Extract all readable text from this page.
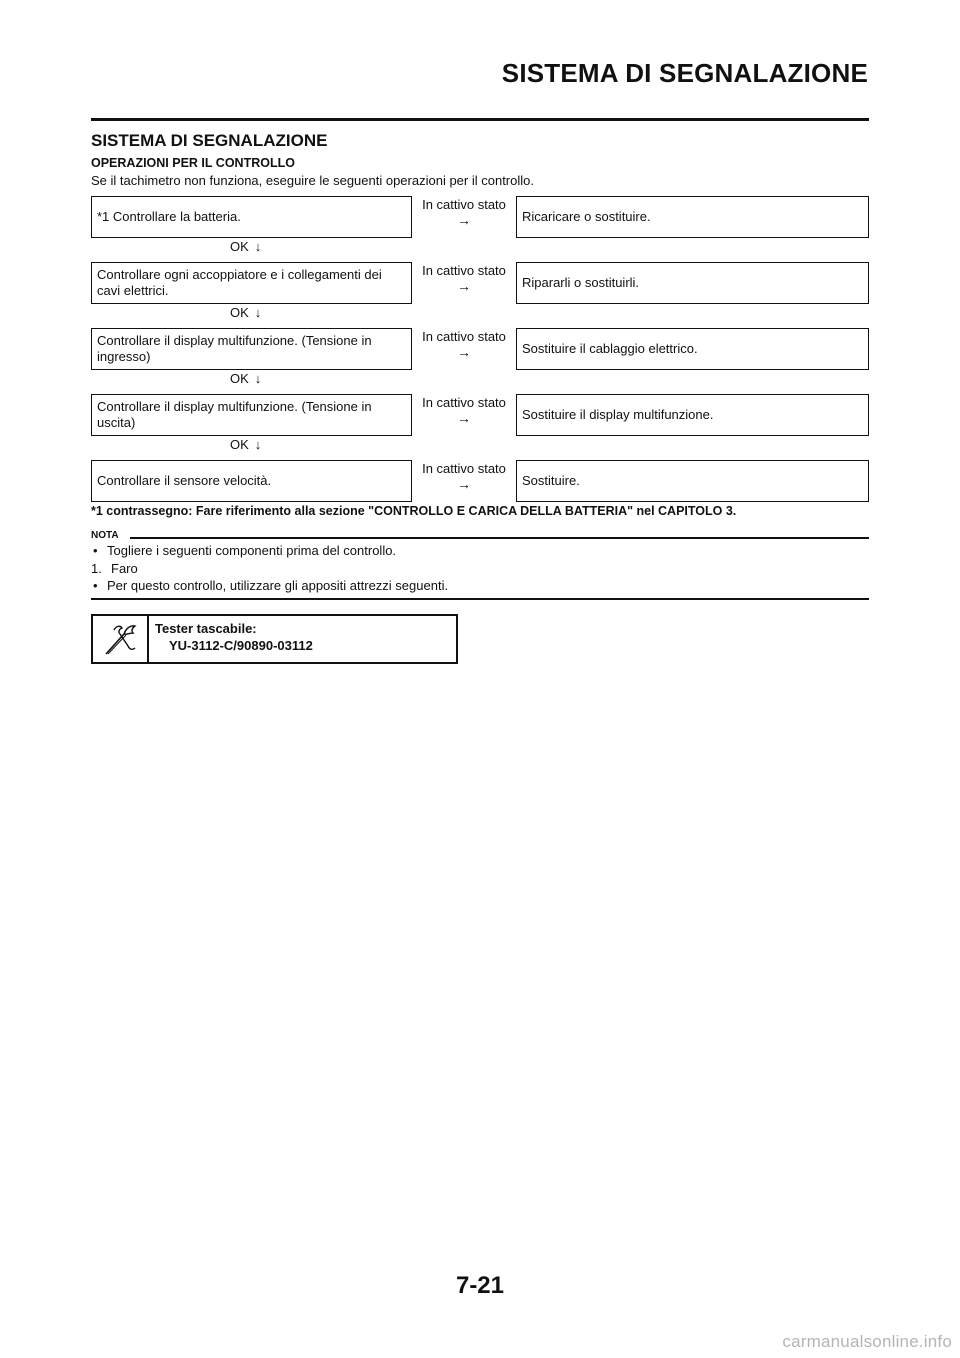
SISTEMA DI SEGNALAZIONE
SISTEMA DI SEGNALAZIONE
OPERAZIONI PER IL CONTROLLO
Se il tachimetro non funziona, eseguire le seguenti operazioni per il controllo.
*1 Controllare la batteria.
In cattivo stato
→	Ricaricare o sostituire.
OK ↓
Controllare ogni accoppiatore e i collegamenti dei cavi elettrici.
In cattivo stato
→	Ripararli o sostituirli.
OK ↓
Controllare il display multifunzione. (Tensione in ingresso)
In cattivo stato
→	Sostituire il cablaggio elettrico.
OK ↓
Controllare il display multifunzione. (Tensione in uscita)
In cattivo stato
→	Sostituire il display multifunzione.
OK ↓
Controllare il sensore velocità.
In cattivo stato
→	Sostituire.
*1 contrassegno: Fare riferimento alla sezione "CONTROLLO E CARICA DELLA BATTERIA" nel CAPITOLO 3.
NOTA
• Togliere i seguenti componenti prima del controllo.
1. Faro
• Per questo controllo, utilizzare gli appositi attrezzi seguenti.
Tester tascabile:
YU-3112-C/90890-03112
7-21
carmanualsonline.info
